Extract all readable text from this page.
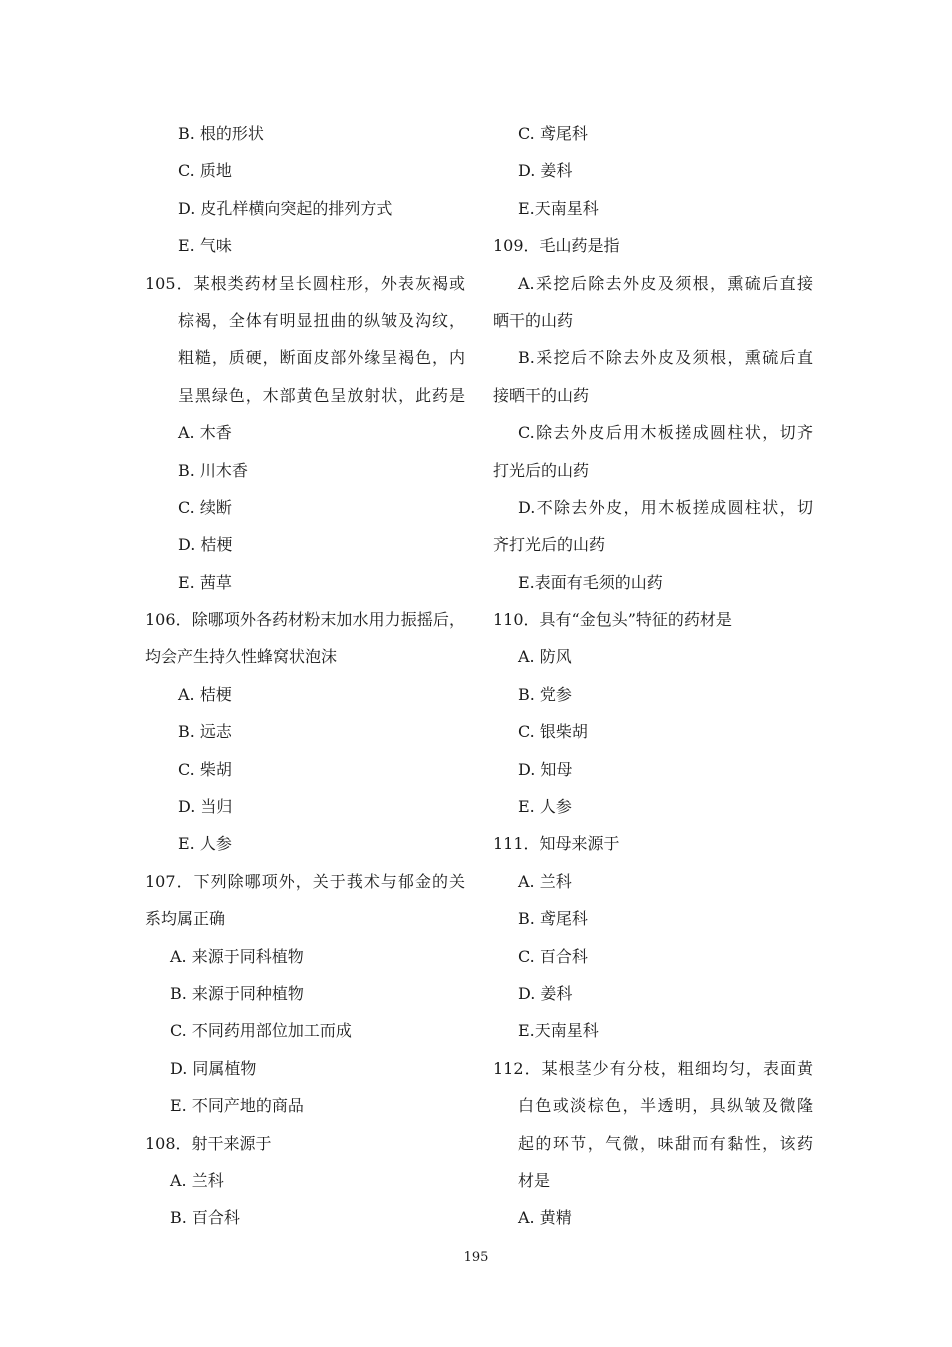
B. 根的形状
C. 质地
D. 皮孔样横向突起的排列方式
E. 气味
105．某根类药材呈长圆柱形，外表灰褐或
棕褐，全体有明显扭曲的纵皱及沟纹，
粗糙，质硬，断面皮部外缘呈褐色，内
呈黑绿色，木部黄色呈放射状，此药是
A. 木香
B. 川木香
C. 续断
D. 桔梗
E. 茜草
106．除哪项外各药材粉末加水用力振摇后，
均会产生持久性蜂窝状泡沫
A. 桔梗
B. 远志
C. 柴胡
D. 当归
E. 人参
107．下列除哪项外，关于莪术与郁金的关
系均属正确
A. 来源于同科植物
B. 来源于同种植物
C. 不同药用部位加工而成
D. 同属植物
E. 不同产地的商品
108．射干来源于
A. 兰科
B. 百合科
C. 鸢尾科
D. 姜科
E.天南星科
109．毛山药是指
A.采挖后除去外皮及须根，熏硫后直接
晒干的山药
B.采挖后不除去外皮及须根，熏硫后直
接晒干的山药
C.除去外皮后用木板搓成圆柱状，切齐
打光后的山药
D.不除去外皮，用木板搓成圆柱状，切
齐打光后的山药
E.表面有毛须的山药
110．具有“金包头”特征的药材是
A. 防风
B. 党参
C. 银柴胡
D. 知母
E. 人参
111．知母来源于
A. 兰科
B. 鸢尾科
C. 百合科
D. 姜科
E.天南星科
112．某根茎少有分枝，粗细均匀，表面黄
白色或淡棕色，半透明，具纵皱及微隆
起的环节，气微，味甜而有黏性，该药
材是
A. 黄精
195
